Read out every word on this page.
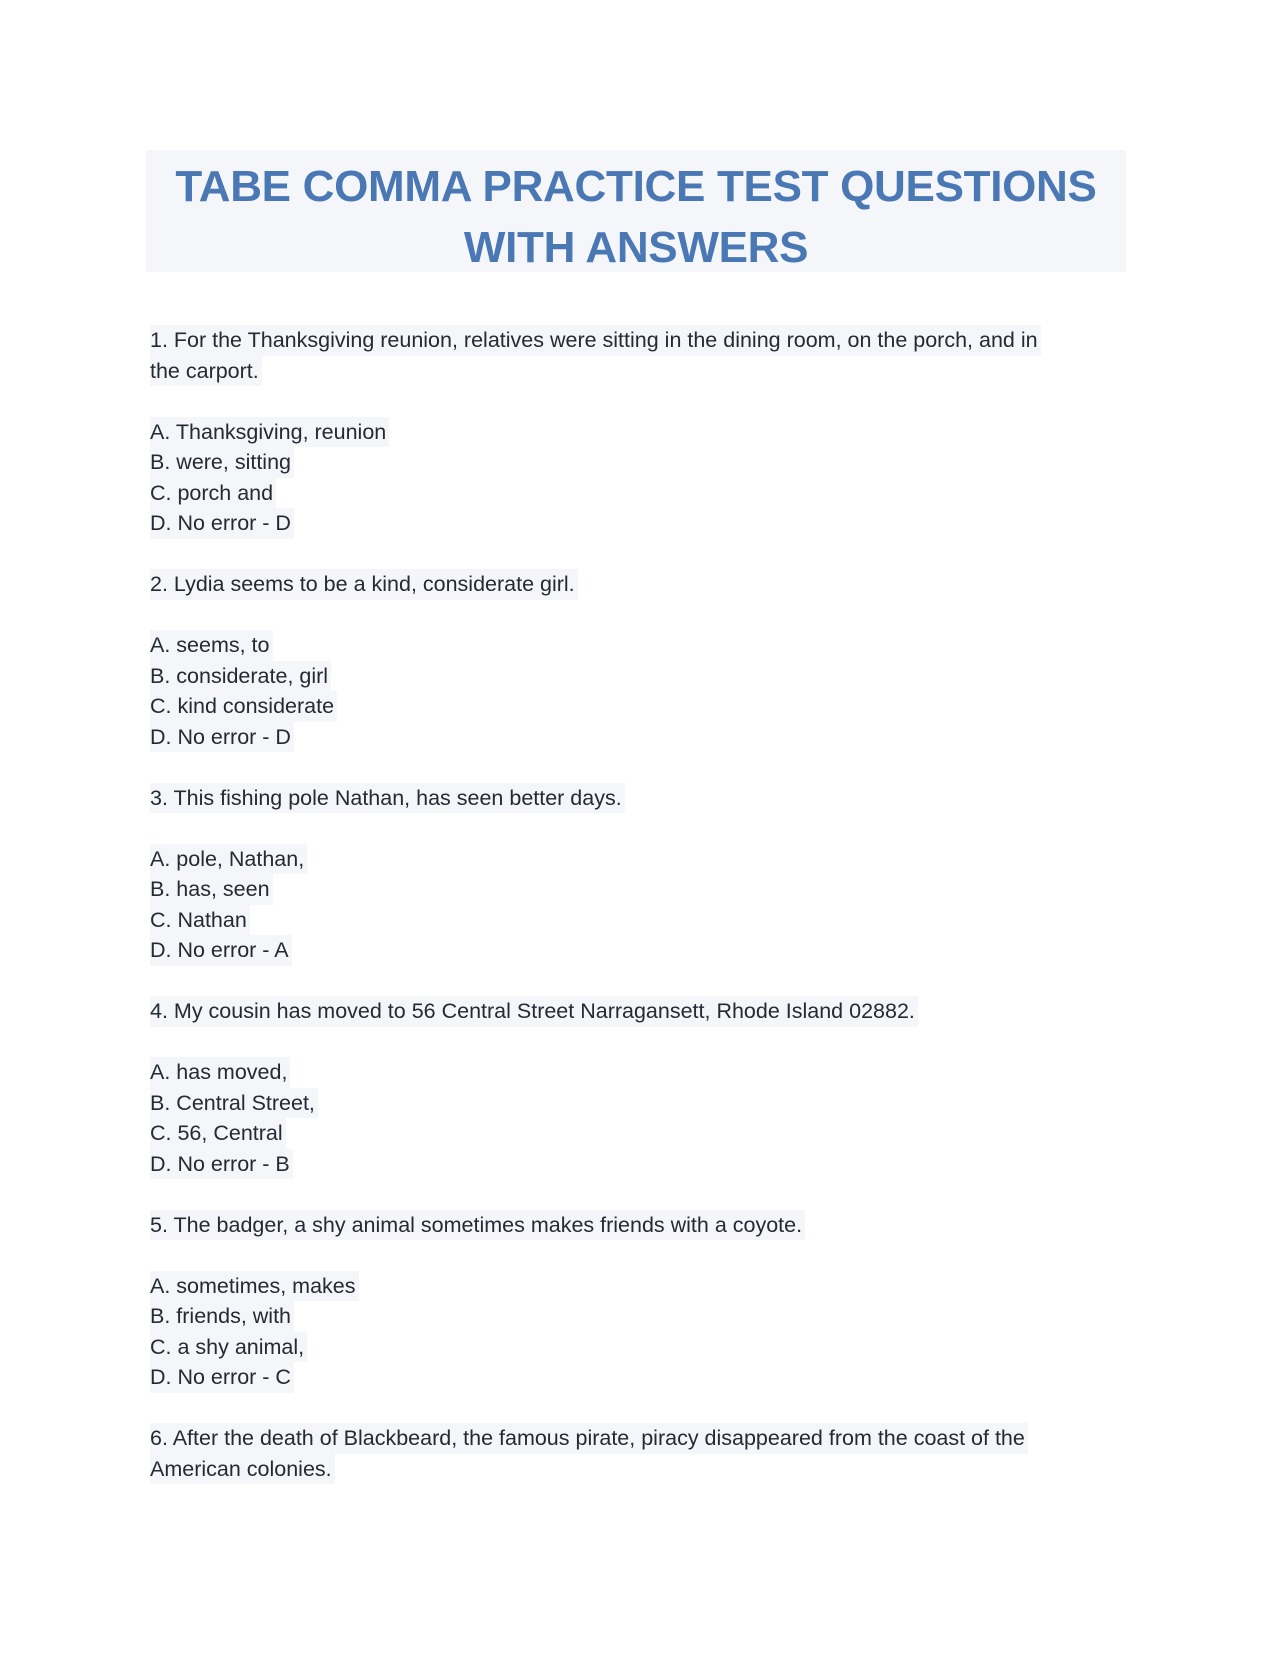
TABE COMMA PRACTICE TEST QUESTIONS
WITH ANSWERS
1. For the Thanksgiving reunion, relatives were sitting in the dining room, on the porch, and in
the carport.
A. Thanksgiving, reunion
B. were, sitting
C. porch and
D. No error - D
2. Lydia seems to be a kind, considerate girl.
A. seems, to
B. considerate, girl
C. kind considerate
D. No error - D
3. This fishing pole Nathan, has seen better days.
A. pole, Nathan,
B. has, seen
C. Nathan
D. No error - A
4. My cousin has moved to 56 Central Street Narragansett, Rhode Island 02882.
A. has moved,
B. Central Street,
C. 56, Central
D. No error - B
5. The badger, a shy animal sometimes makes friends with a coyote.
A. sometimes, makes
B. friends, with
C. a shy animal,
D. No error - C
6. After the death of Blackbeard, the famous pirate, piracy disappeared from the coast of the
American colonies.
